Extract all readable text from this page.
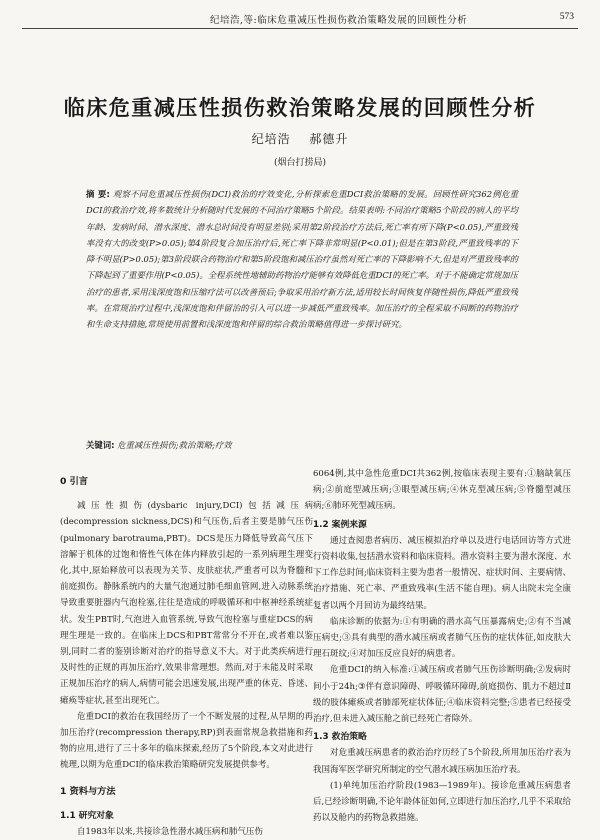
纪培浩,等:临床危重减压性损伤救治策略发展的回顾性分析	573
临床危重减压性损伤救治策略发展的回顾性分析
纪培浩 郝德升
(烟台打捞局)
摘 要: 观察不同危重减压性损伤(DCI)救治的疗效变化,分析探索危重DCI救治策略的发展。回顾性研究362例危重DCI的救治疗效,将多数统计分析随时代发展的不同治疗策略5个阶段。结果表明:不同治疗策略5个阶段的病人的平均年龄、发病时间、潜水深度、潜水总时间没有明显差别;采用第2阶段治疗方法后,死亡率有所下降(P<0.05),严重致残率没有大的改变(P>0.05);第4阶段复合加压治疗后,死亡率下降非常明显(P<0.01);但是在第3阶段,严重致残率的下降不明显(P>0.05);第3阶段联合药物治疗和第5阶段饱和减压治疗虽然对死亡率的下降影响不大,但是对严重致残率的下降起到了重要作用(P<0.05)。全程系统性地辅助药物治疗能够有效降低危重DCI的死亡率。对于不能确定常规加压治疗的患者,采用浅深度饱和压缩疗法可以改善预后;争取采用治疗新方法,适用较长时间恢复伴随性损伤,降低严重致残率。在常规治疗过程中,浅深度饱和伴留治的引入可以进一步减低严重致残率。加压治疗的全程采取不间断的药物治疗和生命支持措施,常规使用前置和浅深度饱和伴留的综合救治策略值得进一步探讨研究。
关键词: 危重减压性损伤;救治策略;疗效
0 引言

减压性损伤(dysbaric injury,DCI)包括减压病(decompression sickness,DCS)和气压伤,后者主要是肺气压伤(pulmonary barotrauma,PBT)。DCS是压力降低导致高气压下溶解于机体的过饱和惰性气体在体内释放引起的一系列病理生理变化,其中,原始释放可以表现为关节、皮肤症状,严重者可以为脊髓和前庭损伤。静脉系统内的大量气泡通过肺毛细血管网,进入动脉系统导致重要脏器内气泡栓塞,往往是造成的呼吸循环和中枢神经系统症状。发生PBT时,气泡进入血管系统,导致气泡栓塞与重症DCS的病理生理是一致的。在临床上DCS和PBT常常分不开在,或者难以鉴别,同时二者的鉴别诊断对治疗的指导意义不大。对于此类疾病进行及时性的正规的再加压治疗,效果非常理想。然而,对于未能及时采取正规加压治疗的病人,病情可能会迅速发展,出现严重的休克、昏迷、瘫痪等症状,甚至出现死亡。

危重DCI的救治在我国经历了一个不断发展的过程,从早期的再加压治疗(recompression therapy,RP)到表面常规急救措施和药物的应用,进行了三十多年的临床探索,经历了5个阶段,本文对此进行梳理,以期为危重DCI的临床救治策略研究发展提供参考。

1 资料与方法
1.1 研究对象

自1983年以来,共接诊急性潜水减压病和肺气压伤

6064例,其中急性危重DCI共362例,按临床表现主要有:①脑缺氧压病;②前庭型减压病;③眼型减压病;④休克型减压病;⑤脊髓型减压病;⑥肺环死型减压病。

1.2 案例来源

通过查阅患者病历、减压模拟治疗单以及进行电话回访等方式进行资料收集,包括潜水资料和临床资料。潜水资料主要为潜水深度、水下工作总时间;临床资料主要为患者一般情况、症状时间、主要病情、治疗措施、死亡率、严重致残率(生活不能自理)。病人出院未完全康复者以两个月回访为最终结果。

临床诊断的依据为:①有明确的潜水高气压暴露病史;②有不当减压病史;③具有典型的潜水减压病或者肺气压伤的症状体征,如皮肤大理石斑纹;④对加压反应良好的病患者。

危重DCI的纳入标准:①减压病或者肺气压伤诊断明确;②发病时间小于24h;③伴有意识障碍、呼吸循环障碍,前庭损伤、肌力不超过Ⅱ级的肢体瘫痪或者肺部死症状体征;④临床资料完整;⑤患者已经接受治疗,但未进入减压舱之前已经死亡者除外。

1.3 救治策略

对危重减压病患者的救治治疗历经了5个阶段,所用加压治疗表为我国海军医学研究所制定的空气潜水减压病加压治疗表。

(1)单纯加压治疗阶段(1983—1989年)。接诊危重减压病患者后,已经诊断明确,不论年龄体征如何,立即进行加压治疗,几乎不采取给药以及舱内的药物急救措施。
